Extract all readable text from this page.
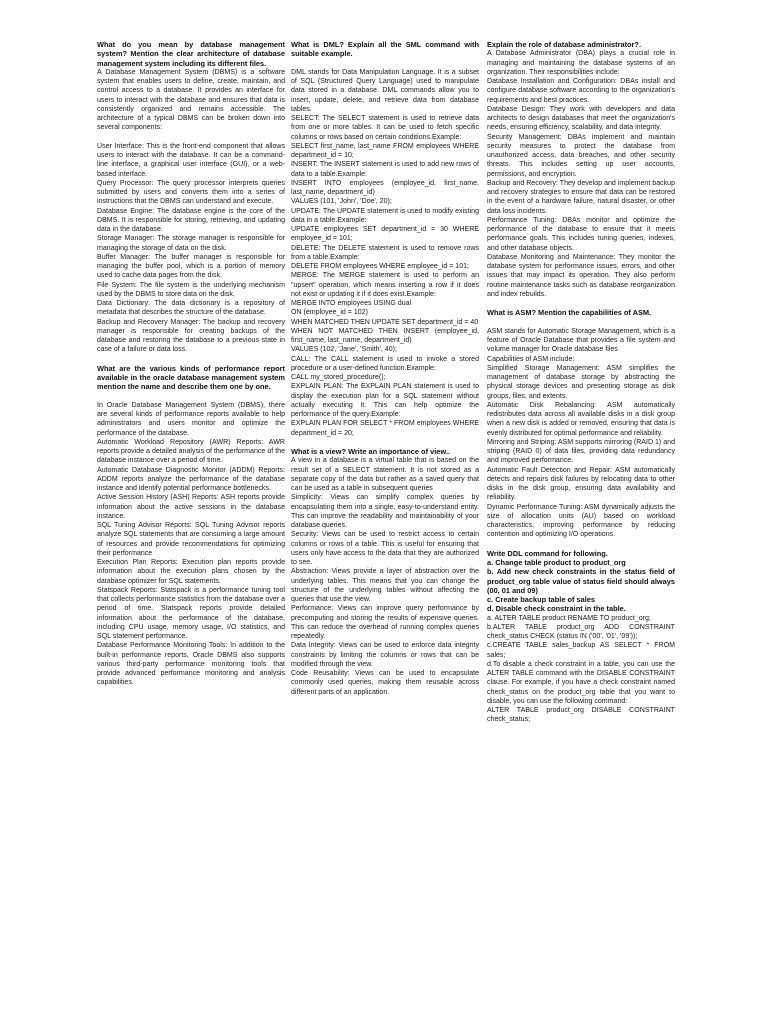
What do you mean by database management system? Mention the clear architecture of database management system including its different files.

A Database Management System (DBMS) is a software system that enables users to define, create, maintain, and control access to a database. It provides an interface for users to interact with the database and ensures that data is consistently organized and remains accessible. The architecture of a typical DBMS can be broken down into several components:

User Interface: This is the front-end component that allows users to interact with the database. It can be a command-line interface, a graphical user interface (GUI), or a web-based interface.

Query Processor: The query processor interprets queries submitted by users and converts them into a series of instructions that the DBMS can understand and execute.

Database Engine: The database engine is the core of the DBMS. It is responsible for storing, retrieving, and updating data in the database.

Storage Manager: The storage manager is responsible for managing the storage of data on the disk.

Buffer Manager: The buffer manager is responsible for managing the buffer pool, which is a portion of memory used to cache data pages from the disk.

File System: The file system is the underlying mechanism used by the DBMS to store data on the disk.

Data Dictionary: The data dictionary is a repository of metadata that describes the structure of the database.

Backup and Recovery Manager: The backup and recovery manager is responsible for creating backups of the database and restoring the database to a previous state in case of a failure or data loss.

What are the various kinds of performance report available in the oracle database management system mention the name and describe them one by one.

In Oracle Database Management System (DBMS), there are several kinds of performance reports available to help administrators and users monitor and optimize the performance of the database.

Automatic Workload Repository (AWR) Reports: AWR reports provide a detailed analysis of the performance of the database instance over a period of time.

Automatic Database Diagnostic Monitor (ADDM) Reports: ADDM reports analyze the performance of the database instance and identify potential performance bottlenecks.

Active Session History (ASH) Reports: ASH reports provide information about the active sessions in the database instance.

SQL Tuning Advisor Reports: SQL Tuning Advisor reports analyze SQL statements that are consuming a large amount of resources and provide recommendations for optimizing their performance

Execution Plan Reports: Execution plan reports provide information about the execution plans chosen by the database optimizer for SQL statements.

Statspack Reports: Statspack is a performance tuning tool that collects performance statistics from the database over a period of time. Statspack reports provide detailed information about the performance of the database, including CPU usage, memory usage, I/O statistics, and SQL statement performance.

Database Performance Monitoring Tools: In addition to the built-in performance reports, Oracle DBMS also supports various third-party performance monitoring tools that provide advanced performance monitoring and analysis capabilities.

What is DML? Explain all the SML command with suitable example.

DML stands for Data Manipulation Language. It is a subset of SQL (Structured Query Language) used to manipulate data stored in a database. DML commands allow you to insert, update, delete, and retrieve data from database tables.

SELECT: The SELECT statement is used to retrieve data from one or more tables. It can be used to fetch specific columns or rows based on certain conditions.Example:

SELECT first_name, last_name FROM employees WHERE department_id = 10;

INSERT: The INSERT statement is used to add new rows of data to a table.Example:

INSERT INTO employees (employee_id, first_name, last_name, department_id)

VALUES (101, 'John', 'Doe', 20);

UPDATE: The UPDATE statement is used to modify existing data in a table.Example:

UPDATE employees SET department_id = 30 WHERE employee_id = 101;

DELETE: The DELETE statement is used to remove rows from a table.Example:

DELETE FROM employees WHERE employee_id = 101;

MERGE: The MERGE statement is used to perform an "upsert" operation, which means inserting a row if it does not exist or updating it if it does exist.Example:

MERGE INTO employees USING dual

ON (employee_id = 102)

WHEN MATCHED THEN UPDATE SET department_id = 40

WHEN NOT MATCHED THEN INSERT (employee_id, first_name, last_name, department_id)

VALUES (102, 'Jane', 'Smith', 40);

CALL: The CALL statement is used to invoke a stored procedure or a user-defined function.Example:

CALL my_stored_procedure();

EXPLAIN PLAN: The EXPLAIN PLAN statement is used to display the execution plan for a SQL statement without actually executing it. This can help optimize the performance of the query.Example:

EXPLAIN PLAN FOR SELECT * FROM employees WHERE department_id = 20;

What is a view? Write an importance of view..

A view in a database is a virtual table that is based on the result set of a SELECT statement. It is not stored as a separate copy of the data but rather as a saved query that can be used as a table in subsequent queries

Simplicity: Views can simplify complex queries by encapsulating them into a single, easy-to-understand entity. This can improve the readability and maintainability of your database queries.

Security: Views can be used to restrict access to certain columns or rows of a table. This is useful for ensuring that users only have access to the data that they are authorized to see.

Abstraction: Views provide a layer of abstraction over the underlying tables. This means that you can change the structure of the underlying tables without affecting the queries that use the view.

Performance: Views can improve query performance by precomputing and storing the results of expensive queries. This can reduce the overhead of running complex queries repeatedly.

Data Integrity: Views can be used to enforce data integrity constraints by limiting the columns or rows that can be modified through the view.

Code Reusability: Views can be used to encapsulate commonly used queries, making them reusable across different parts of an application.

Explain the role of database administrator?.

A Database Administrator (DBA) plays a crucial role in managing and maintaining the database systems of an organization. Their responsibilities include:

Database Installation and Configuration: DBAs install and configure database software according to the organization's requirements and best practices.

Database Design: They work with developers and data architects to design databases that meet the organization's needs, ensuring efficiency, scalability, and data integrity.

Security Management: DBAs implement and maintain security measures to protect the database from unauthorized access, data breaches, and other security threats. This includes setting up user accounts, permissions, and encryption.

Backup and Recovery: They develop and implement backup and recovery strategies to ensure that data can be restored in the event of a hardware failure, natural disaster, or other data loss incidents.

Performance Tuning: DBAs monitor and optimize the performance of the database to ensure that it meets performance goals. This includes tuning queries, indexes, and other database objects.

Database Monitoring and Maintenance: They monitor the database system for performance issues, errors, and other issues that may impact its operation. They also perform routine maintenance tasks such as database reorganization and index rebuilds.

What is ASM? Mention the capabilities of ASM.

ASM stands for Automatic Storage Management, which is a feature of Oracle Database that provides a file system and volume manager for Oracle database files

Capabilities of ASM include:

Simplified Storage Management: ASM simplifies the management of database storage by abstracting the physical storage devices and presenting storage as disk groups, files, and extents.

Automatic Disk Rebalancing: ASM automatically redistributes data across all available disks in a disk group when a new disk is added or removed, ensuring that data is evenly distributed for optimal performance and reliability.

Mirroring and Striping: ASM supports mirroring (RAID 1) and striping (RAID 0) of data files, providing data redundancy and improved performance.

Automatic Fault Detection and Repair: ASM automatically detects and repairs disk failures by relocating data to other disks in the disk group, ensuring data availability and reliability.

Dynamic Performance Tuning: ASM dynamically adjusts the size of allocation units (AU) based on workload characteristics, improving performance by reducing contention and optimizing I/O operations.

Write DDL command for following.
a. Change table product to product_org
b. Add new check constraints in the status field of product_org table value of status field should always (00, 01 and 09)
c. Create backup table of sales
d. Disable check constraint in the table.

a. ALTER TABLE product RENAME TO product_org;

b.ALTER TABLE product_org ADD CONSTRAINT check_status CHECK (status IN ('00', '01', '09'));

c.CREATE TABLE sales_backup AS SELECT * FROM sales;

d.To disable a check constraint in a table, you can use the ALTER TABLE command with the DISABLE CONSTRAINT clause. For example, if you have a check constraint named check_status on the product_org table that you want to disable, you can use the following command:

ALTER TABLE product_org DISABLE CONSTRAINT check_status;
